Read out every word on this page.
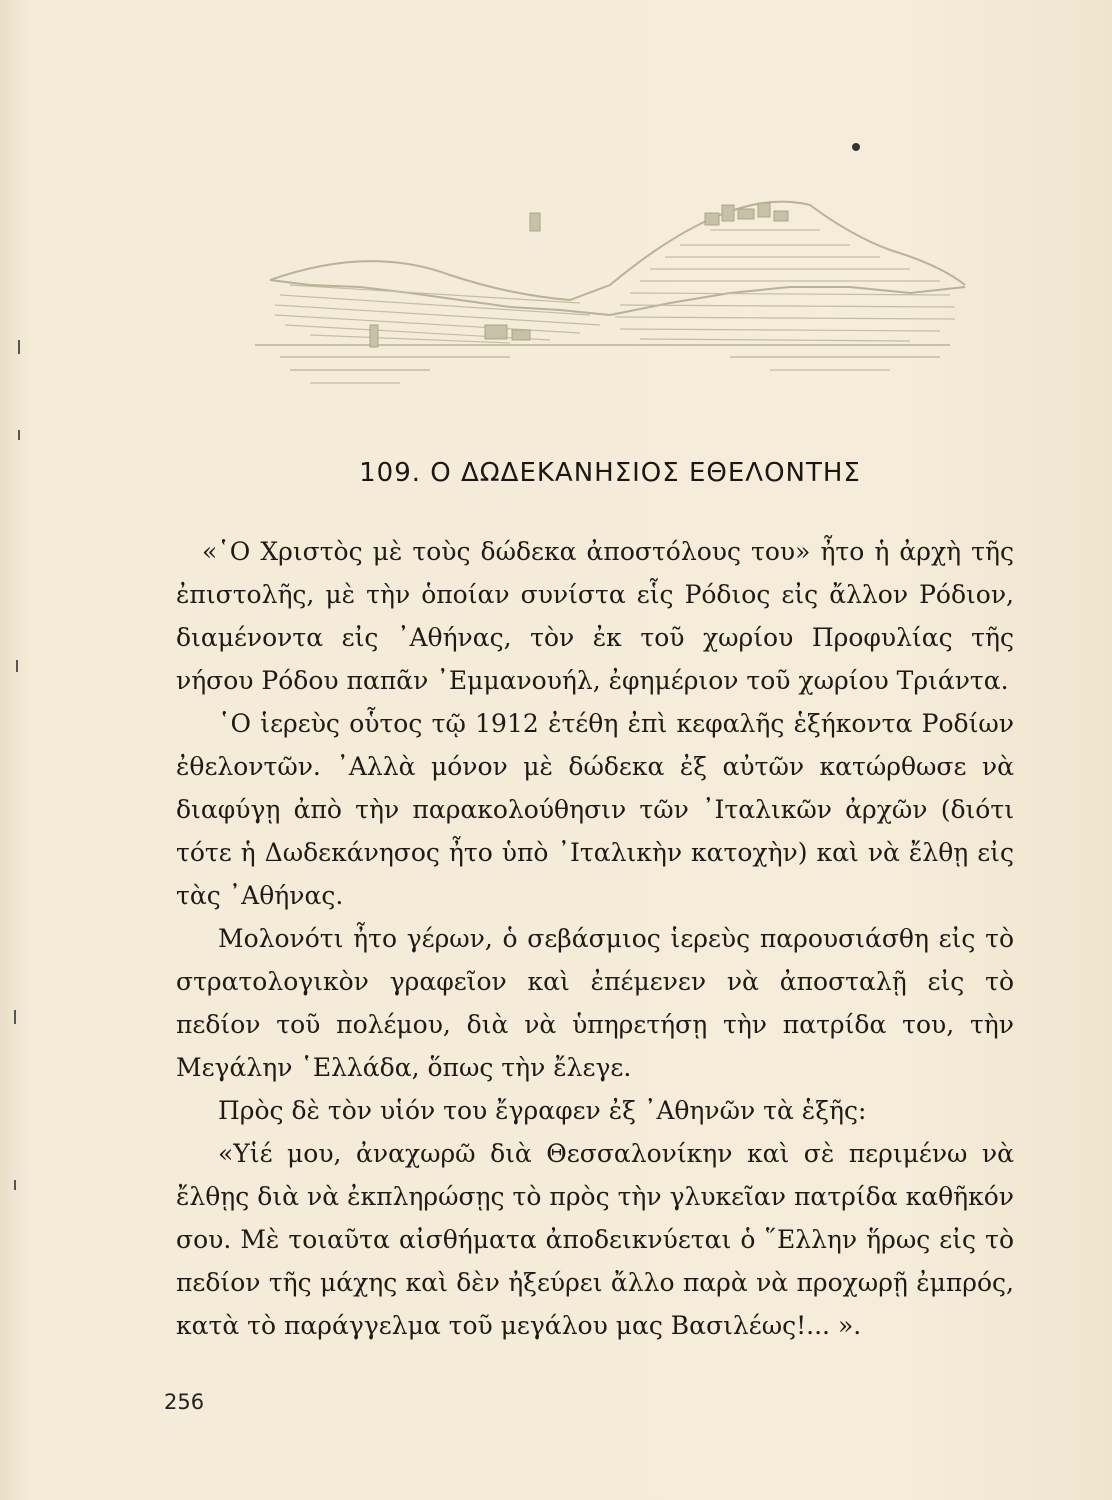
109. Ο ΔΩΔΕΚΑΝΗΣΙΟΣ ΕΘΕΛΟΝΤΗΣ

«῾Ο Χριστὸς μὲ τοὺς δώδεκα ἀποστόλους του» ἦτο ἡ ἀρχὴ τῆς ἐπιστολῆς, μὲ τὴν ὁποίαν συνίστα εἷς Ρόδιος εἰς ἄλλον Ρόδιον, διαμένοντα εἰς ᾿Αθήνας, τὸν ἐκ τοῦ χωρίου Προφυλίας τῆς νήσου Ρόδου παπᾶν ᾿Εμμανουήλ, ἐφημέριον τοῦ χωρίου Τριάντα.

῾Ο ἱερεὺς οὗτος τῷ 1912 ἐτέθη ἐπὶ κεφαλῆς ἑξήκοντα Ροδίων ἐθελοντῶν. ᾿Αλλὰ μόνον μὲ δώδεκα ἐξ αὐτῶν κατώρθωσε νὰ διαφύγῃ ἀπὸ τὴν παρακολούθησιν τῶν ᾿Ιταλικῶν ἀρχῶν (διότι τότε ἡ Δωδεκάνησος ἦτο ὑπὸ ᾿Ιταλικὴν κατοχὴν) καὶ νὰ ἔλθῃ εἰς τὰς ᾿Αθήνας.

Μολονότι ἦτο γέρων, ὁ σεβάσμιος ἱερεὺς παρουσιάσθη εἰς τὸ στρατολογικὸν γραφεῖον καὶ ἐπέμενεν νὰ ἀποσταλῇ εἰς τὸ πεδίον τοῦ πολέμου, διὰ νὰ ὑπηρετήσῃ τὴν πατρίδα του, τὴν Μεγάλην ῾Ελλάδα, ὅπως τὴν ἔλεγε.

Πρὸς δὲ τὸν υἱόν του ἔγραφεν ἐξ ᾿Αθηνῶν τὰ ἑξῆς:

«Υἱέ μου, ἀναχωρῶ διὰ Θεσσαλονίκην καὶ σὲ περιμένω νὰ ἔλθῃς διὰ νὰ ἐκπληρώσῃς τὸ πρὸς τὴν γλυκεῖαν πατρίδα καθῆκόν σου. Μὲ τοιαῦτα αἰσθήματα ἀποδεικνύεται ὁ ῞Ελλην ἥρως εἰς τὸ πεδίον τῆς μάχης καὶ δὲν ἠξεύρει ἄλλο παρὰ νὰ προχωρῇ ἐμπρός, κατὰ τὸ παράγγελμα τοῦ μεγάλου μας Βασιλέως!... ».

256
